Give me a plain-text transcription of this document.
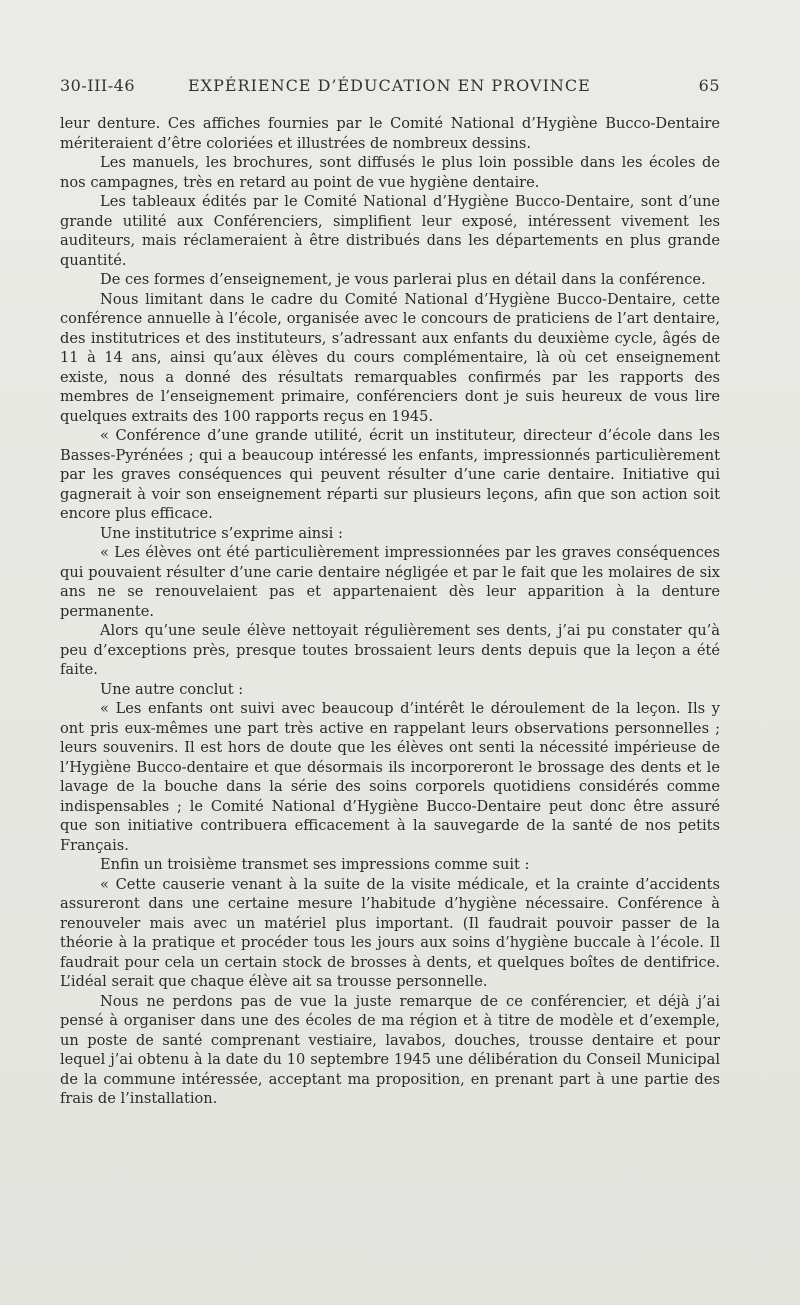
30-III-46	EXPÉRIENCE D’ÉDUCATION EN PROVINCE	65

leur denture. Ces affiches fournies par le Comité National d’Hygiène Bucco-Dentaire mériteraient d’être coloriées et illustrées de nombreux dessins.

Les manuels, les brochures, sont diffusés le plus loin possible dans les écoles de nos campagnes, très en retard au point de vue hygiène dentaire.

Les tableaux édités par le Comité National d’Hygiène Bucco-Dentaire, sont d’une grande utilité aux Conférenciers, simplifient leur exposé, intéressent vivement les auditeurs, mais réclameraient à être distribués dans les départements en plus grande quantité.

De ces formes d’enseignement, je vous parlerai plus en détail dans la conférence.

Nous limitant dans le cadre du Comité National d’Hygiène Bucco-Dentaire, cette conférence annuelle à l’école, organisée avec le concours de praticiens de l’art dentaire, des institutrices et des instituteurs, s’adressant aux enfants du deuxième cycle, âgés de 11 à 14 ans, ainsi qu’aux élèves du cours complémentaire, là où cet enseignement existe, nous a donné des résultats remarquables confirmés par les rapports des membres de l’enseignement primaire, conférenciers dont je suis heureux de vous lire quelques extraits des 100 rapports reçus en 1945.

« Conférence d’une grande utilité, écrit un instituteur, directeur d’école dans les Basses-Pyrénées ; qui a beaucoup intéressé les enfants, impressionnés particulièrement par les graves conséquences qui peuvent résulter d’une carie dentaire. Initiative qui gagnerait à voir son enseignement réparti sur plusieurs leçons, afin que son action soit encore plus efficace.

Une institutrice s’exprime ainsi :

« Les élèves ont été particulièrement impressionnées par les graves conséquences qui pouvaient résulter d’une carie dentaire négligée et par le fait que les molaires de six ans ne se renouvelaient pas et appartenaient dès leur apparition à la denture permanente.

Alors qu’une seule élève nettoyait régulièrement ses dents, j’ai pu constater qu’à peu d’exceptions près, presque toutes brossaient leurs dents depuis que la leçon a été faite.

Une autre conclut :

« Les enfants ont suivi avec beaucoup d’intérêt le déroulement de la leçon. Ils y ont pris eux-mêmes une part très active en rappelant leurs observations personnelles ; leurs souvenirs. Il est hors de doute que les élèves ont senti la nécessité impérieuse de l’Hygiène Bucco-dentaire et que désormais ils incorporeront le brossage des dents et le lavage de la bouche dans la série des soins corporels quotidiens considérés comme indispensables ; le Comité National d’Hygiène Bucco-Dentaire peut donc être assuré que son initiative contribuera efficacement à la sauvegarde de la santé de nos petits Français.

Enfin un troisième transmet ses impressions comme suit :

« Cette causerie venant à la suite de la visite médicale, et la crainte d’accidents assureront dans une certaine mesure l’habitude d’hygiène nécessaire. Conférence à renouveler mais avec un matériel plus important. (Il faudrait pouvoir passer de la théorie à la pratique et procéder tous les jours aux soins d’hygiène buccale à l’école. Il faudrait pour cela un certain stock de brosses à dents, et quelques boîtes de dentifrice. L’idéal serait que chaque élève ait sa trousse personnelle.

Nous ne perdons pas de vue la juste remarque de ce conférencier, et déjà j’ai pensé à organiser dans une des écoles de ma région et à titre de modèle et d’exemple, un poste de santé comprenant vestiaire, lavabos, douches, trousse dentaire et pour lequel j’ai obtenu à la date du 10 septembre 1945 une délibération du Conseil Municipal de la commune intéressée, acceptant ma proposition, en prenant part à une partie des frais de l’installation.
